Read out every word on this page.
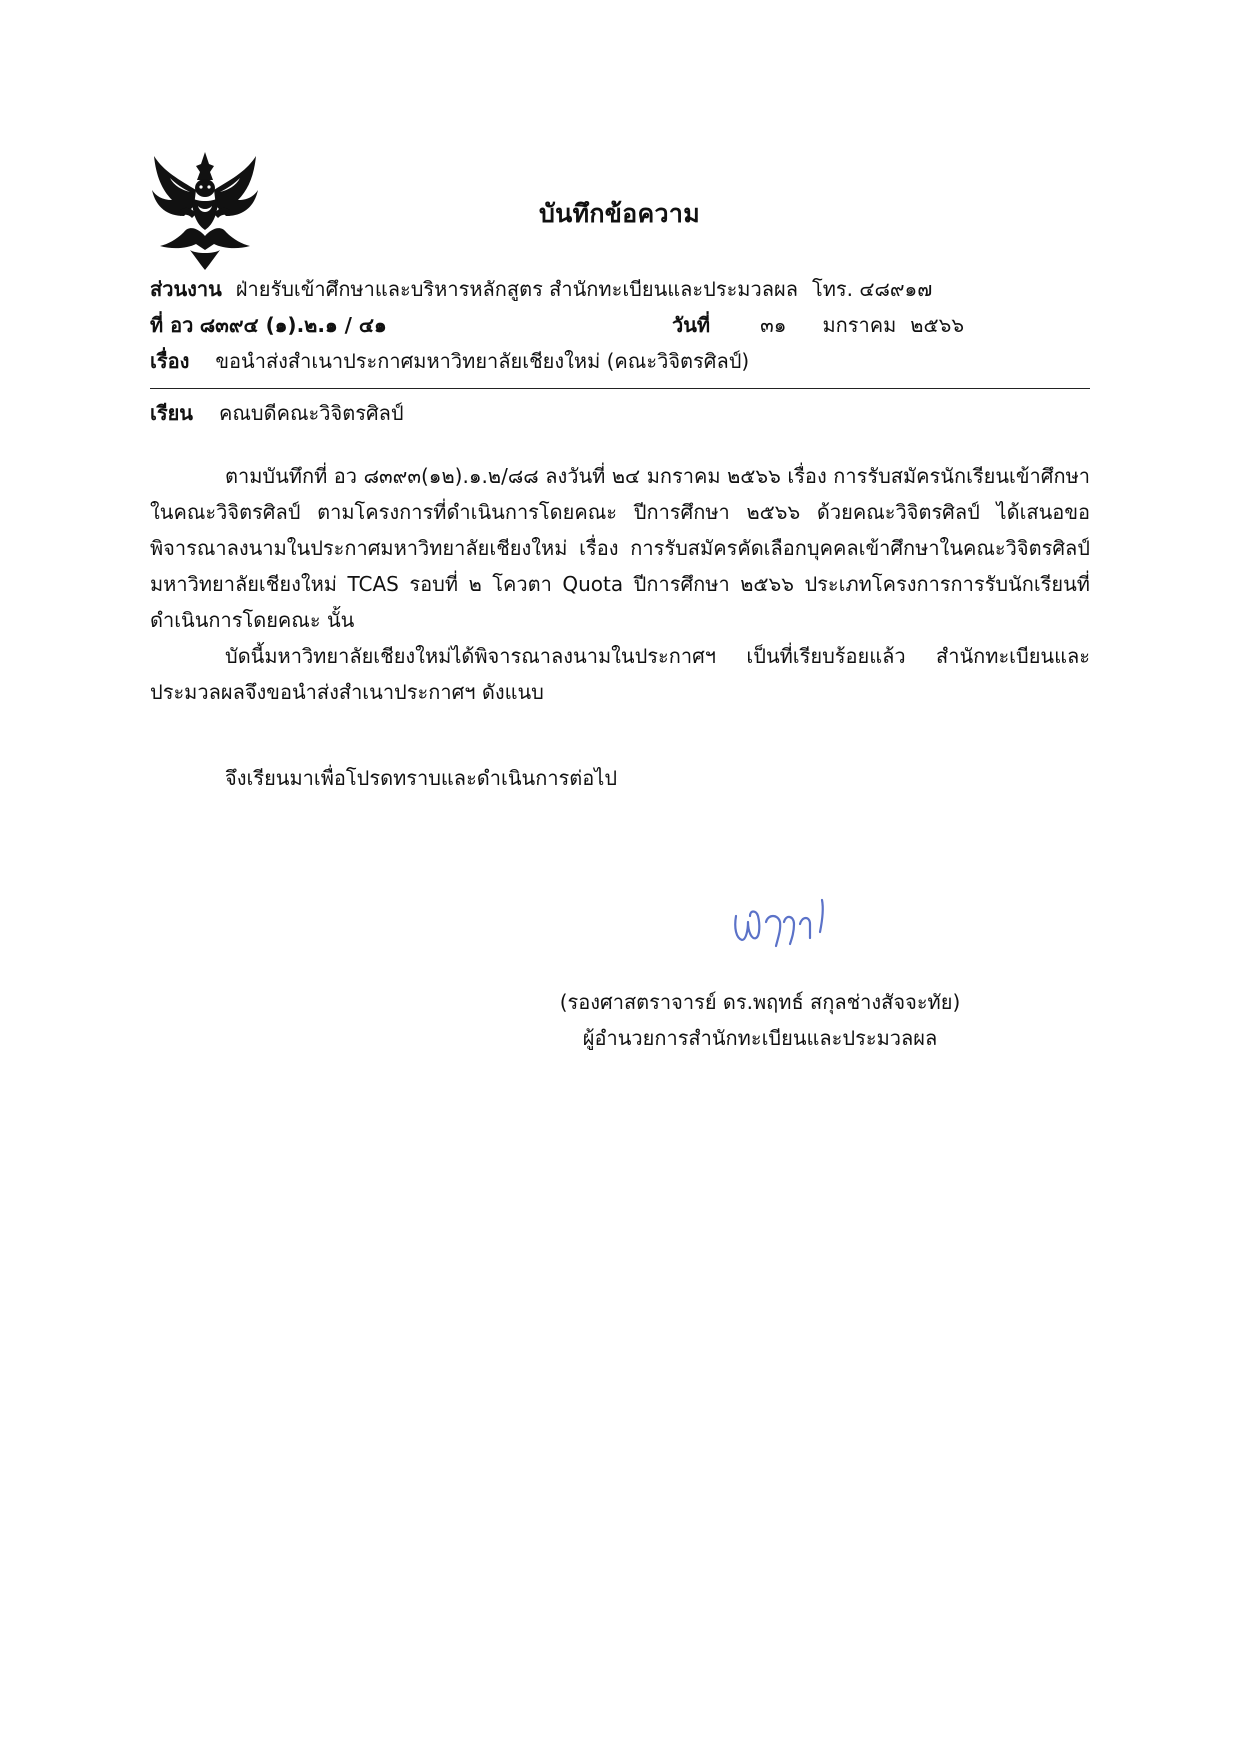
บันทึกข้อความ
ส่วนงาน ฝ่ายรับเข้าศึกษาและบริหารหลักสูตร สำนักทะเบียนและประมวลผล โทร. ๔๘๙๑๗
ที่ อว ๘๓๙๔ (๑).๒.๑ / ๔๑	วันที่	๓๑ มกราคม ๒๕๖๖
เรื่อง ขอนำส่งสำเนาประกาศมหาวิทยาลัยเชียงใหม่ (คณะวิจิตรศิลป์)
เรียน คณบดีคณะวิจิตรศิลป์
ตามบันทึกที่ อว ๘๓๙๓(๑๒).๑.๒/๘๘ ลงวันที่ ๒๔ มกราคม ๒๕๖๖ เรื่อง การรับสมัครนักเรียนเข้าศึกษาในคณะวิจิตรศิลป์ ตามโครงการที่ดำเนินการโดยคณะ ปีการศึกษา ๒๕๖๖ ด้วยคณะวิจิตรศิลป์ ได้เสนอขอพิจารณาลงนามในประกาศมหาวิทยาลัยเชียงใหม่ เรื่อง การรับสมัครคัดเลือกบุคคลเข้าศึกษาในคณะวิจิตรศิลป์ มหาวิทยาลัยเชียงใหม่ TCAS รอบที่ ๒ โควตา Quota ปีการศึกษา ๒๕๖๖ ประเภทโครงการการรับนักเรียนที่ดำเนินการโดยคณะ นั้น
บัดนี้มหาวิทยาลัยเชียงใหม่ได้พิจารณาลงนามในประกาศฯ เป็นที่เรียบร้อยแล้ว สำนักทะเบียนและประมวลผลจึงขอนำส่งสำเนาประกาศฯ ดังแนบ
จึงเรียนมาเพื่อโปรดทราบและดำเนินการต่อไป
(รองศาสตราจารย์ ดร.พฤทธ์ สกุลช่างสัจจะทัย)
ผู้อำนวยการสำนักทะเบียนและประมวลผล
